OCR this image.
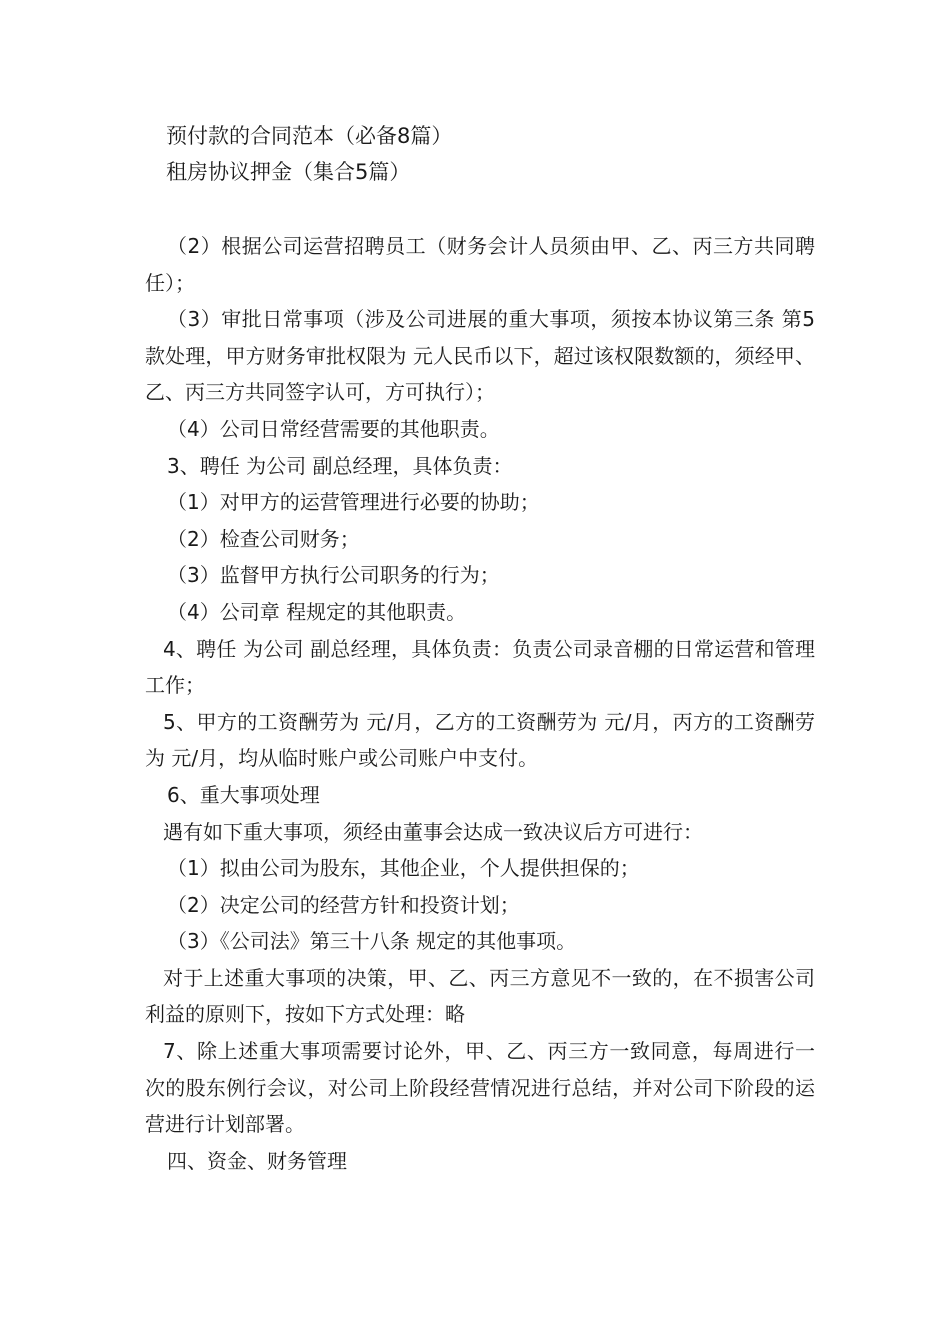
预付款的合同范本（必备8篇）
租房协议押金（集合5篇）

（2）根据公司运营招聘员工（财务会计人员须由甲、乙、丙三方共同聘任）；

（3）审批日常事项（涉及公司进展的重大事项，须按本协议第三条 第5款处理，甲方财务审批权限为 元人民币以下，超过该权限数额的，须经甲、乙、丙三方共同签字认可，方可执行）；

（4）公司日常经营需要的其他职责。

3、聘任 为公司 副总经理，具体负责：

（1）对甲方的运营管理进行必要的协助；

（2）检查公司财务；

（3）监督甲方执行公司职务的行为；

（4）公司章 程规定的其他职责。

4、聘任 为公司 副总经理，具体负责：负责公司录音棚的日常运营和管理工作；

5、甲方的工资酬劳为 元/月，乙方的工资酬劳为 元/月，丙方的工资酬劳为 元/月，均从临时账户或公司账户中支付。

6、重大事项处理

遇有如下重大事项，须经由董事会达成一致决议后方可进行：

（1）拟由公司为股东，其他企业，个人提供担保的；

（2）决定公司的经营方针和投资计划；

（3）《公司法》第三十八条 规定的其他事项。

对于上述重大事项的决策，甲、乙、丙三方意见不一致的，在不损害公司利益的原则下，按如下方式处理：略

7、除上述重大事项需要讨论外，甲、乙、丙三方一致同意，每周进行一次的股东例行会议，对公司上阶段经营情况进行总结，并对公司下阶段的运营进行计划部署。

四、资金、财务管理
